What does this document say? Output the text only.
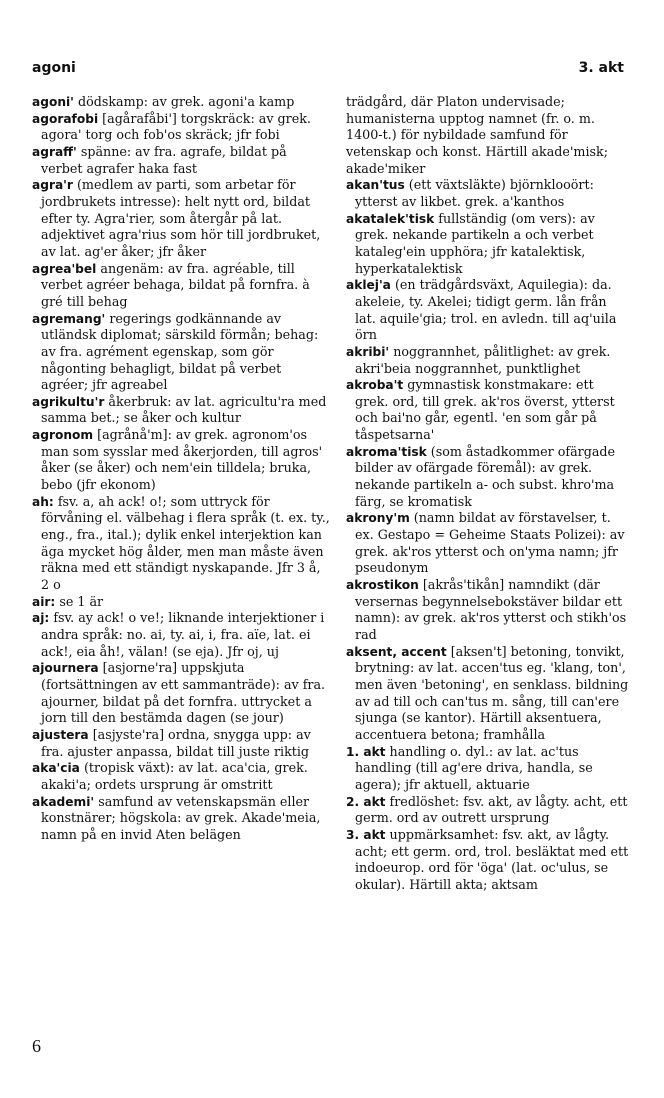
agoni	3. akt
agoni' dödskamp: av grek. agoni'a kamp
agorafobi [agårafåbi'] torgskräck: av grek. agora' torg och fob'os skräck; jfr fobi
agraff' spänne: av fra. agrafe, bildat på verbet agrafer haka fast
agra'r (medlem av parti, som arbetar för jordbrukets intresse): helt nytt ord, bildat efter ty. Agra'rier, som återgår på lat. adjektivet agra'rius som hör till jordbruket, av lat. ag'er åker; jfr åker
agrea'bel angenäm: av fra. agréable, till verbet agréer behaga, bildat på fornfra. à gré till behag
agremang' regerings godkännande av utländsk diplomat; särskild förmån; behag: av fra. agrément egenskap, som gör någonting behagligt, bildat på verbet agréer; jfr agreabel
agrikultu'r åkerbruk: av lat. agricultu'ra med samma bet.; se åker och kultur
agronom [agrånå'm]: av grek. agronom'os man som sysslar med åkerjorden, till agros' åker (se åker) och nem'ein tilldela; bruka, bebo (jfr ekonom)
ah: fsv. a, ah ack! o!; som uttryck för förvåning el. välbehag i flera språk (t. ex. ty., eng., fra., ital.); dylik enkel interjektion kan äga mycket hög ålder, men man måste även räkna med ett ständigt nyskapande. Jfr 3 å, 2 o
air: se 1 är
aj: fsv. ay ack! o ve!; liknande interjektioner i andra språk: no. ai, ty. ai, i, fra. aïe, lat. ei ack!, eia åh!, välan! (se eja). Jfr oj, uj
ajournera [asjorne'ra] uppskjuta (fortsättningen av ett sammanträde): av fra. ajourner, bildat på det fornfra. uttrycket a jorn till den bestämda dagen (se jour)
ajustera [asjyste'ra] ordna, snygga upp: av fra. ajuster anpassa, bildat till juste riktig
aka'cia (tropisk växt): av lat. aca'cia, grek. akaki'a; ordets ursprung är omstritt
akademi' samfund av vetenskapsmän eller konstnärer; högskola: av grek. Akade'meia, namn på en invid Aten belägen
trädgård, där Platon undervisade; humanisterna upptog namnet (fr. o. m. 1400-t.) för nybildade samfund för vetenskap och konst. Härtill akade'misk; akade'miker
akan'tus (ett växtsläkte) björnklooört: ytterst av likbet. grek. a'kanthos
akatalek'tisk fullständig (om vers): av grek. nekande partikeln a och verbet kataleg'ein upphöra; jfr katalektisk, hyperkatalektisk
aklej'a (en trädgårdsväxt, Aquilegia): da. akeleie, ty. Akelei; tidigt germ. lån från lat. aquile'gia; trol. en avledn. till aq'uila örn
akribi' noggrannhet, pålitlighet: av grek. akri'beia noggrannhet, punktlighet
akroba't gymnastisk konstmakare: ett grek. ord, till grek. ak'ros överst, ytterst och bai'no går, egentl. 'en som går på tåspetsarna'
akroma'tisk (som åstadkommer ofärgade bilder av ofärgade föremål): av grek. nekande partikeln a- och subst. khro'ma färg, se kromatisk
akrony'm (namn bildat av förstavelser, t. ex. Gestapo = Geheime Staats Polizei): av grek. ak'ros ytterst och on'yma namn; jfr pseudonym
akrostikon [akrås'tikån] namndikt (där versernas begynnelsebokstäver bildar ett namn): av grek. ak'ros ytterst och stikh'os rad
aksent, accent [aksen't] betoning, tonvikt, brytning: av lat. accen'tus eg. 'klang, ton', men även 'betoning', en senklass. bildning av ad till och can'tus m. sång, till can'ere sjunga (se kantor). Härtill aksentuera, accentuera betona; framhålla
1. akt handling o. dyl.: av lat. ac'tus handling (till ag'ere driva, handla, se agera); jfr aktuell, aktuarie
2. akt fredlöshet: fsv. akt, av lågty. acht, ett germ. ord av outrett ursprung
3. akt uppmärksamhet: fsv. akt, av lågty. acht; ett germ. ord, trol. besläktat med ett indoeurop. ord för 'öga' (lat. oc'ulus, se okular). Härtill akta; aktsam
6
